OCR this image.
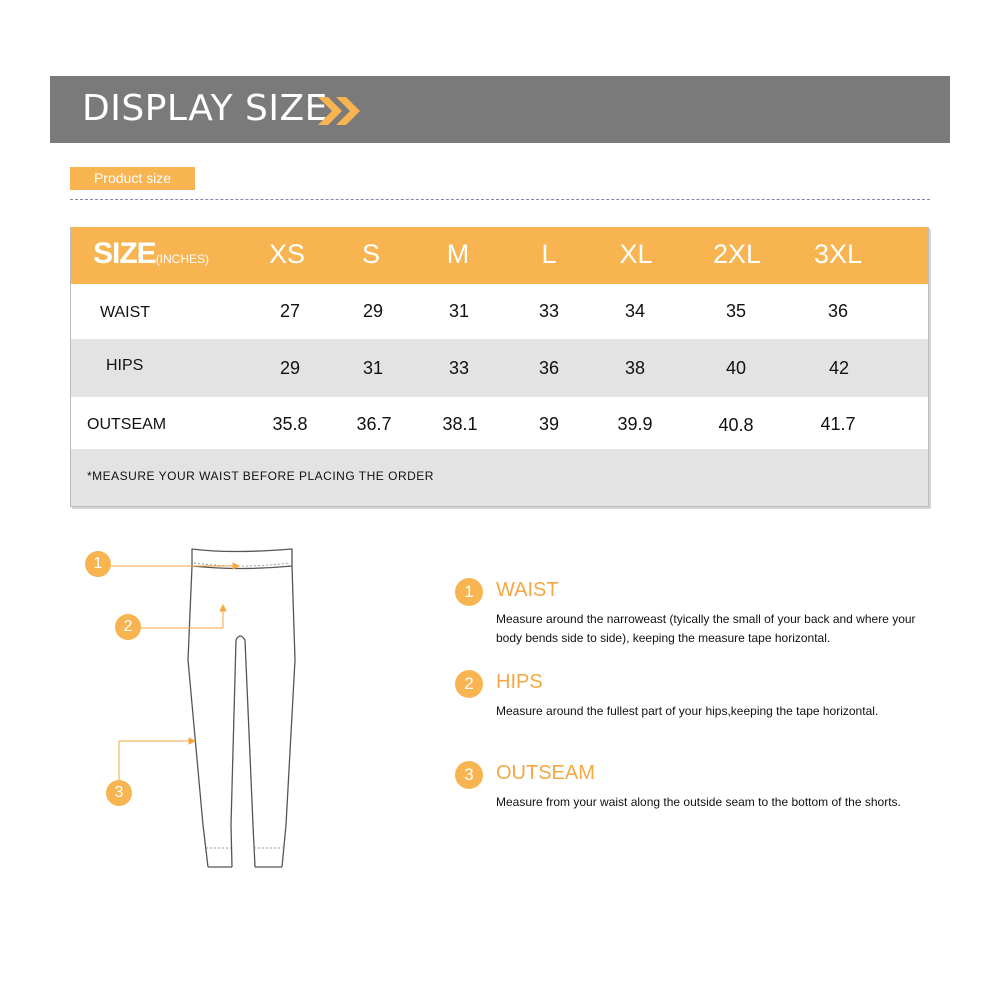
DISPLAY SIZE
Product size
SIZE(INCHES)	XS	S	M	L	XL	2XL	3XL
WAIST	27	29	31	33	34	35	36
HIPS	29	31	33	36	38	40	42
OUTSEAM	35.8	36.7	38.1	39	39.9	40.8	41.7
*MEASURE YOUR WAIST BEFORE PLACING THE ORDER
1
2
3
1	WAIST
Measure around the narroweast (tyically the small of your back and where your body bends side to side), keeping the measure tape horizontal.
2	HIPS
Measure around the fullest part of your hips,keeping the tape horizontal.
3	OUTSEAM
Measure from your waist along the outside seam to the bottom of the shorts.
